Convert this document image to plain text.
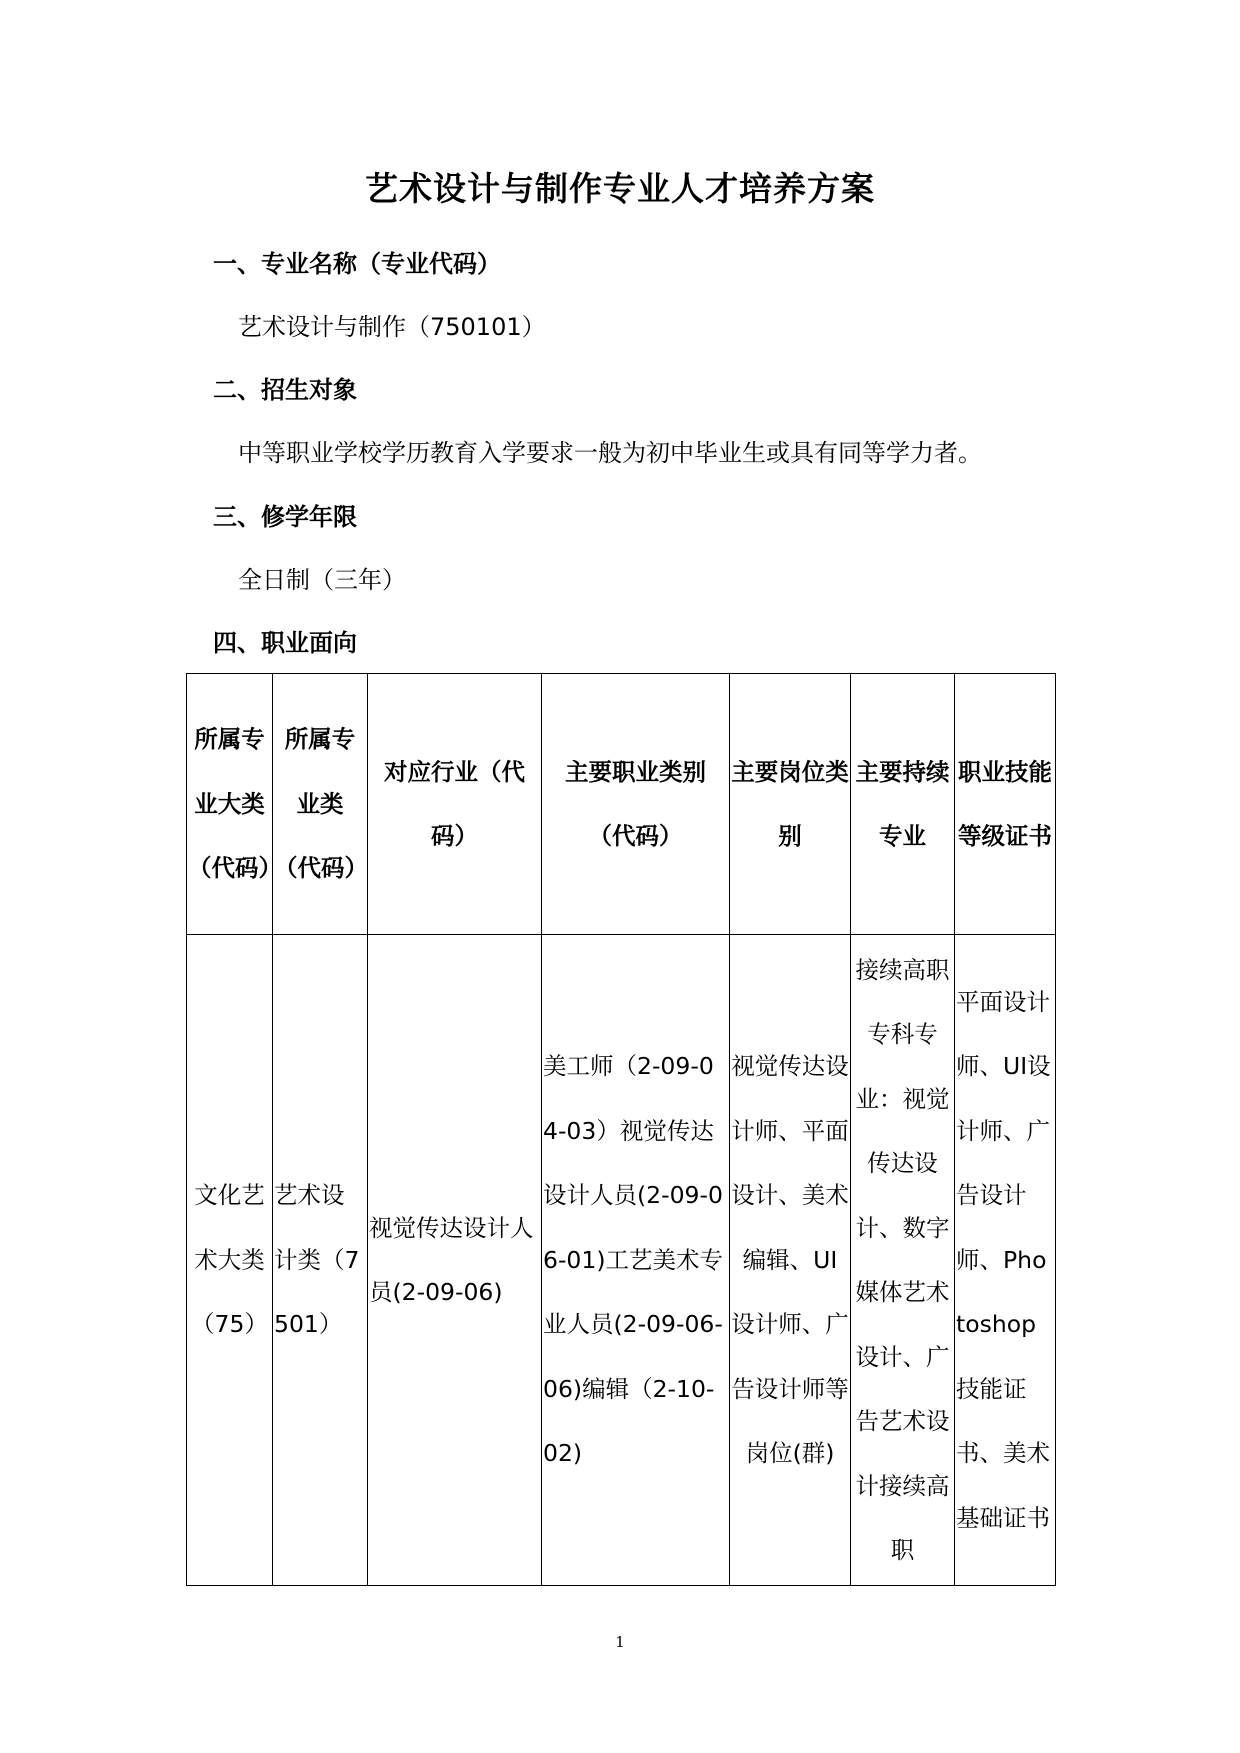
艺术设计与制作专业人才培养方案
一、专业名称（专业代码）
艺术设计与制作（750101）
二、招生对象
中等职业学校学历教育入学要求一般为初中毕业生或具有同等学力者。
三、修学年限
全日制（三年）
四、职业面向
所属专业大类（代码）	所属专业类（代码）	对应行业（代码）	主要职业类别（代码）	主要岗位类别	主要持续专业	职业技能等级证书
文化艺术大类（75）	艺术设计类（7501）	视觉传达设计人员(2-09-06)	美工师（2-09-04-03）视觉传达设计人员(2-09-06-01)工艺美术专业人员(2-09-06-06)编辑（2-10-02)	视觉传达设计师、平面设计、美术编辑、UI 设计师、广告设计师等岗位(群)	接续高职专科专业：视觉传达设计、数字媒体艺术设计、广告艺术设计接续高职	平面设计师、UI设计师、广告设计师、Photoshop 技能证书、美术基础证书
1
